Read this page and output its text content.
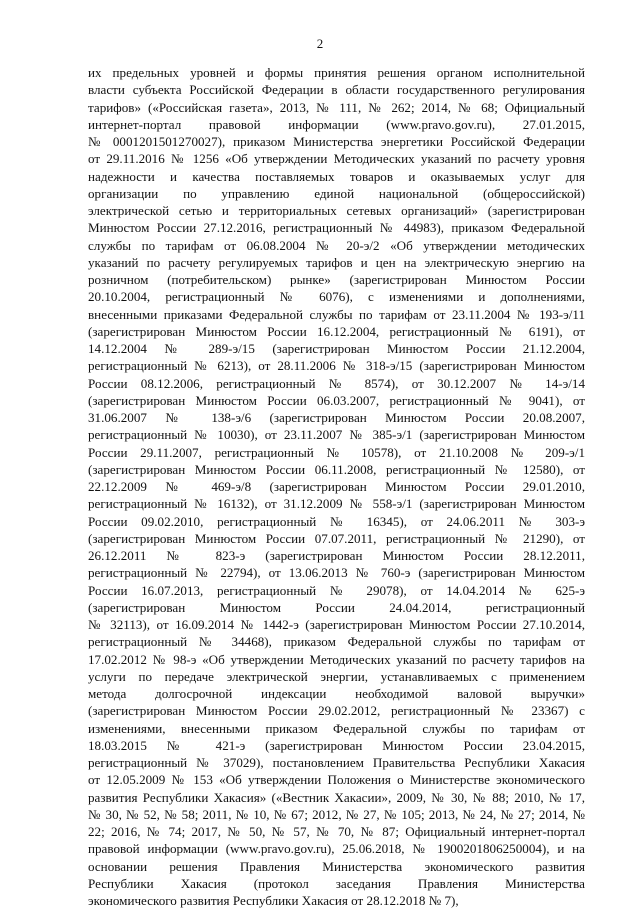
2
их предельных уровней и формы принятия решения органом исполнительной
власти субъекта Российской Федерации в области государственного регулирования
тарифов» («Российская газета», 2013, № 111, № 262; 2014, № 68; Официальный
интернет-портал правовой информации (www.pravo.gov.ru), 27.01.2015,
№ 0001201501270027), приказом Министерства энергетики Российской Федерации
от 29.11.2016 № 1256 «Об утверждении Методических указаний по расчету уровня
надежности и качества поставляемых товаров и оказываемых услуг для
организации по управлению единой национальной (общероссийской)
электрической сетью и территориальных сетевых организаций» (зарегистрирован
Минюстом России 27.12.2016, регистрационный № 44983), приказом Федеральной
службы по тарифам от 06.08.2004 № 20-э/2 «Об утверждении методических
указаний по расчету регулируемых тарифов и цен на электрическую энергию на
розничном (потребительском) рынке» (зарегистрирован Минюстом России
20.10.2004, регистрационный № 6076), с изменениями и дополнениями,
внесенными приказами Федеральной службы по тарифам от 23.11.2004 № 193-э/11
(зарегистрирован Минюстом России 16.12.2004, регистрационный № 6191), от
14.12.2004 № 289-э/15 (зарегистрирован Минюстом России 21.12.2004,
регистрационный № 6213), от 28.11.2006 № 318-э/15 (зарегистрирован Минюстом
России 08.12.2006, регистрационный № 8574), от 30.12.2007 № 14-э/14
(зарегистрирован Минюстом России 06.03.2007, регистрационный № 9041), от
31.06.2007 № 138-э/6 (зарегистрирован Минюстом России 20.08.2007,
регистрационный № 10030), от 23.11.2007 № 385-э/1 (зарегистрирован Минюстом
России 29.11.2007, регистрационный № 10578), от 21.10.2008 № 209-э/1
(зарегистрирован Минюстом России 06.11.2008, регистрационный № 12580), от
22.12.2009 № 469-э/8 (зарегистрирован Минюстом России 29.01.2010,
регистрационный № 16132), от 31.12.2009 № 558-э/1 (зарегистрирован Минюстом
России 09.02.2010, регистрационный № 16345), от 24.06.2011 № 303-э
(зарегистрирован Минюстом России 07.07.2011, регистрационный № 21290), от
26.12.2011 № 823-э (зарегистрирован Минюстом России 28.12.2011,
регистрационный № 22794), от 13.06.2013 № 760-э (зарегистрирован Минюстом
России 16.07.2013, регистрационный № 29078), от 14.04.2014 № 625-э
(зарегистрирован Минюстом России 24.04.2014, регистрационный
№ 32113), от 16.09.2014 № 1442-э (зарегистрирован Минюстом России 27.10.2014,
регистрационный № 34468), приказом Федеральной службы по тарифам от
17.02.2012 № 98-э «Об утверждении Методических указаний по расчету тарифов на
услуги по передаче электрической энергии, устанавливаемых с применением
метода долгосрочной индексации необходимой валовой выручки»
(зарегистрирован Минюстом России 29.02.2012, регистрационный № 23367) с
изменениями, внесенными приказом Федеральной службы по тарифам от
18.03.2015 № 421-э (зарегистрирован Минюстом России 23.04.2015,
регистрационный № 37029), постановлением Правительства Республики Хакасия
от 12.05.2009 № 153 «Об утверждении Положения о Министерстве экономического
развития Республики Хакасия» («Вестник Хакасии», 2009, № 30, № 88; 2010, № 17,
№ 30, № 52, № 58; 2011, № 10, № 67; 2012, № 27, № 105; 2013, № 24, № 27; 2014, №
22; 2016, № 74; 2017, № 50, № 57, № 70, № 87; Официальный интернет-портал
правовой информации (www.pravo.gov.ru), 25.06.2018, № 1900201806250004), и на
основании решения Правления Министерства экономического развития
Республики Хакасия (протокол заседания Правления Министерства
экономического развития Республики Хакасия от 28.12.2018 № 7),
